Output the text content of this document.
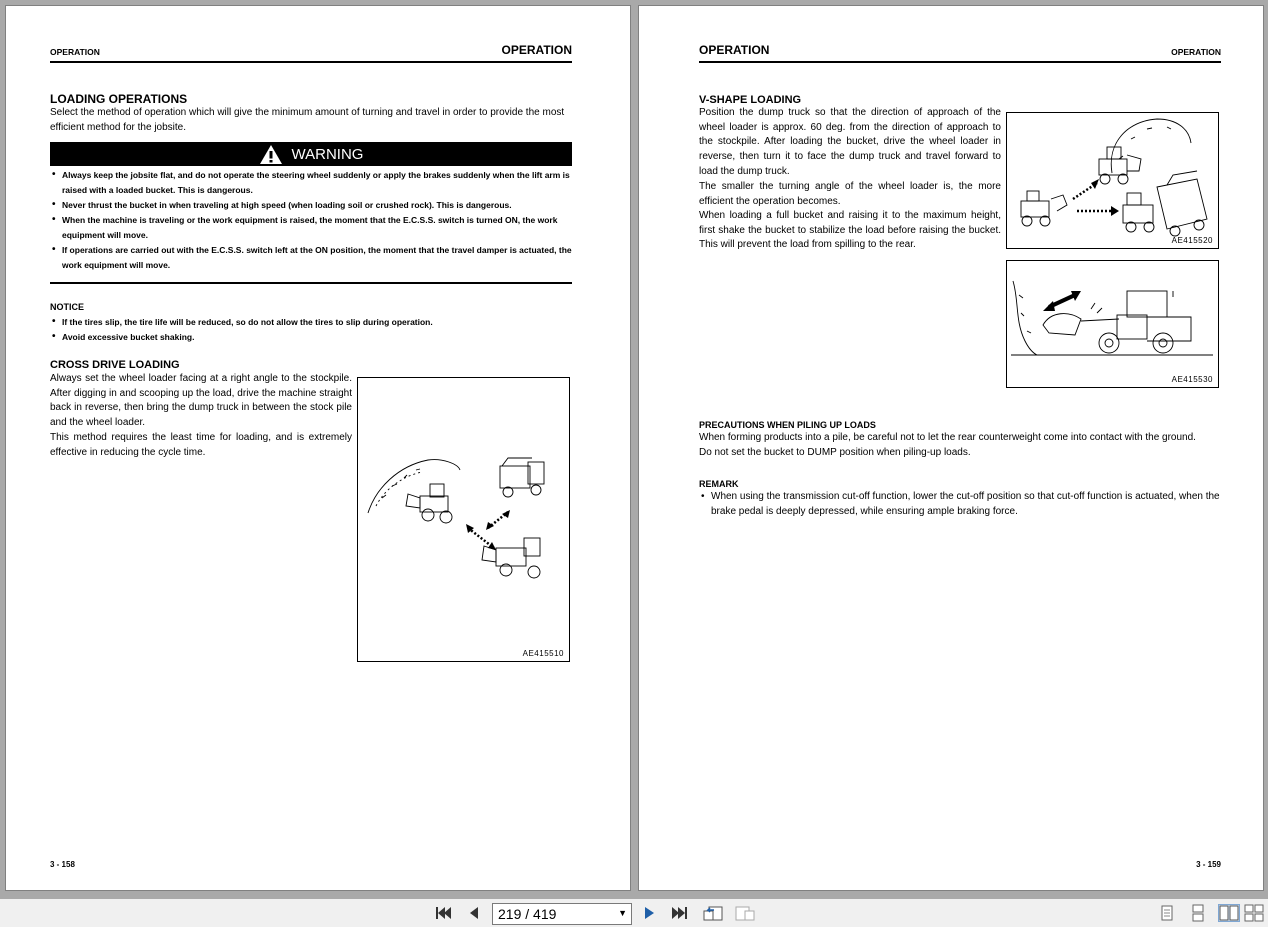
OPERATION	OPERATION
LOADING OPERATIONS
Select the method of operation which will give the minimum amount of turning and travel in order to provide the most efficient method for the jobsite.
WARNING
• Always keep the jobsite flat, and do not operate the steering wheel suddenly or apply the brakes suddenly when the lift arm is raised with a loaded bucket. This is dangerous.
• Never thrust the bucket in when traveling at high speed (when loading soil or crushed rock). This is dangerous.
• When the machine is traveling or the work equipment is raised, the moment that the E.C.S.S. switch is turned ON, the work equipment will move.
• If operations are carried out with the E.C.S.S. switch left at the ON position, the moment that the travel damper is actuated, the work equipment will move.
NOTICE
• If the tires slip, the tire life will be reduced, so do not allow the tires to slip during operation.
• Avoid excessive bucket shaking.
CROSS DRIVE LOADING
Always set the wheel loader facing at a right angle to the stockpile. After digging in and scooping up the load, drive the machine straight back in reverse, then bring the dump truck in between the stock pile and the wheel loader.
This method requires the least time for loading, and is extremely effective in reducing the cycle time.
AE415510
3 - 158
OPERATION	OPERATION
V-SHAPE LOADING
Position the dump truck so that the direction of approach of the wheel loader is approx. 60 deg. from the direction of approach to the stockpile. After loading the bucket, drive the wheel loader in reverse, then turn it to face the dump truck and travel forward to load the dump truck.
The smaller the turning angle of the wheel loader is, the more efficient the operation becomes.
When loading a full bucket and raising it to the maximum height, first shake the bucket to stabilize the load before raising the bucket. This will prevent the load from spilling to the rear.	AE415520
AE415530
PRECAUTIONS WHEN PILING UP LOADS
When forming products into a pile, be careful not to let the rear counterweight come into contact with the ground.
Do not set the bucket to DUMP position when piling-up loads.
REMARK
• When using the transmission cut-off function, lower the cut-off position so that cut-off function is actuated, when the brake pedal is deeply depressed, while ensuring ample braking force.
3 - 159
219 / 419	▼
